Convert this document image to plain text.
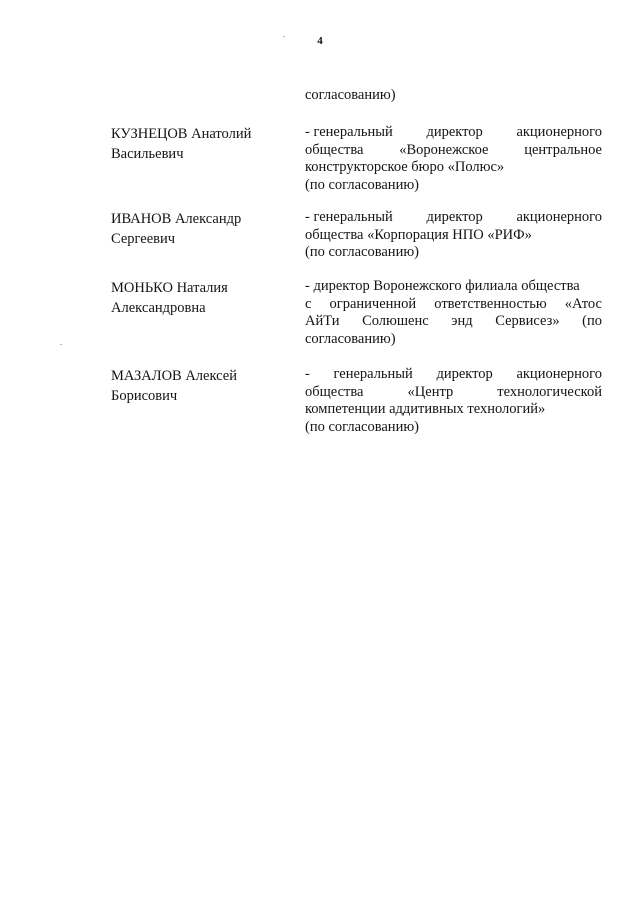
4
согласованию)
КУЗНЕЦОВ Анатолий
Васильевич
- генеральный директор акционерного
общества «Воронежское центральное
конструкторское бюро «Полюс»
(по согласованию)
ИВАНОВ Александр
Сергеевич
- генеральный директор акционерного
общества «Корпорация НПО «РИФ»
(по согласованию)
МОНЬКО Наталия
Александровна
- директор Воронежского филиала общества
с ограниченной ответственностью «Атос
АйТи Солюшенс энд Сервисез» (по
согласованию)
МАЗАЛОВ Алексей
Борисович
- генеральный директор акционерного
общества	«Центр	технологической
компетенции аддитивных технологий»
(по согласованию)
